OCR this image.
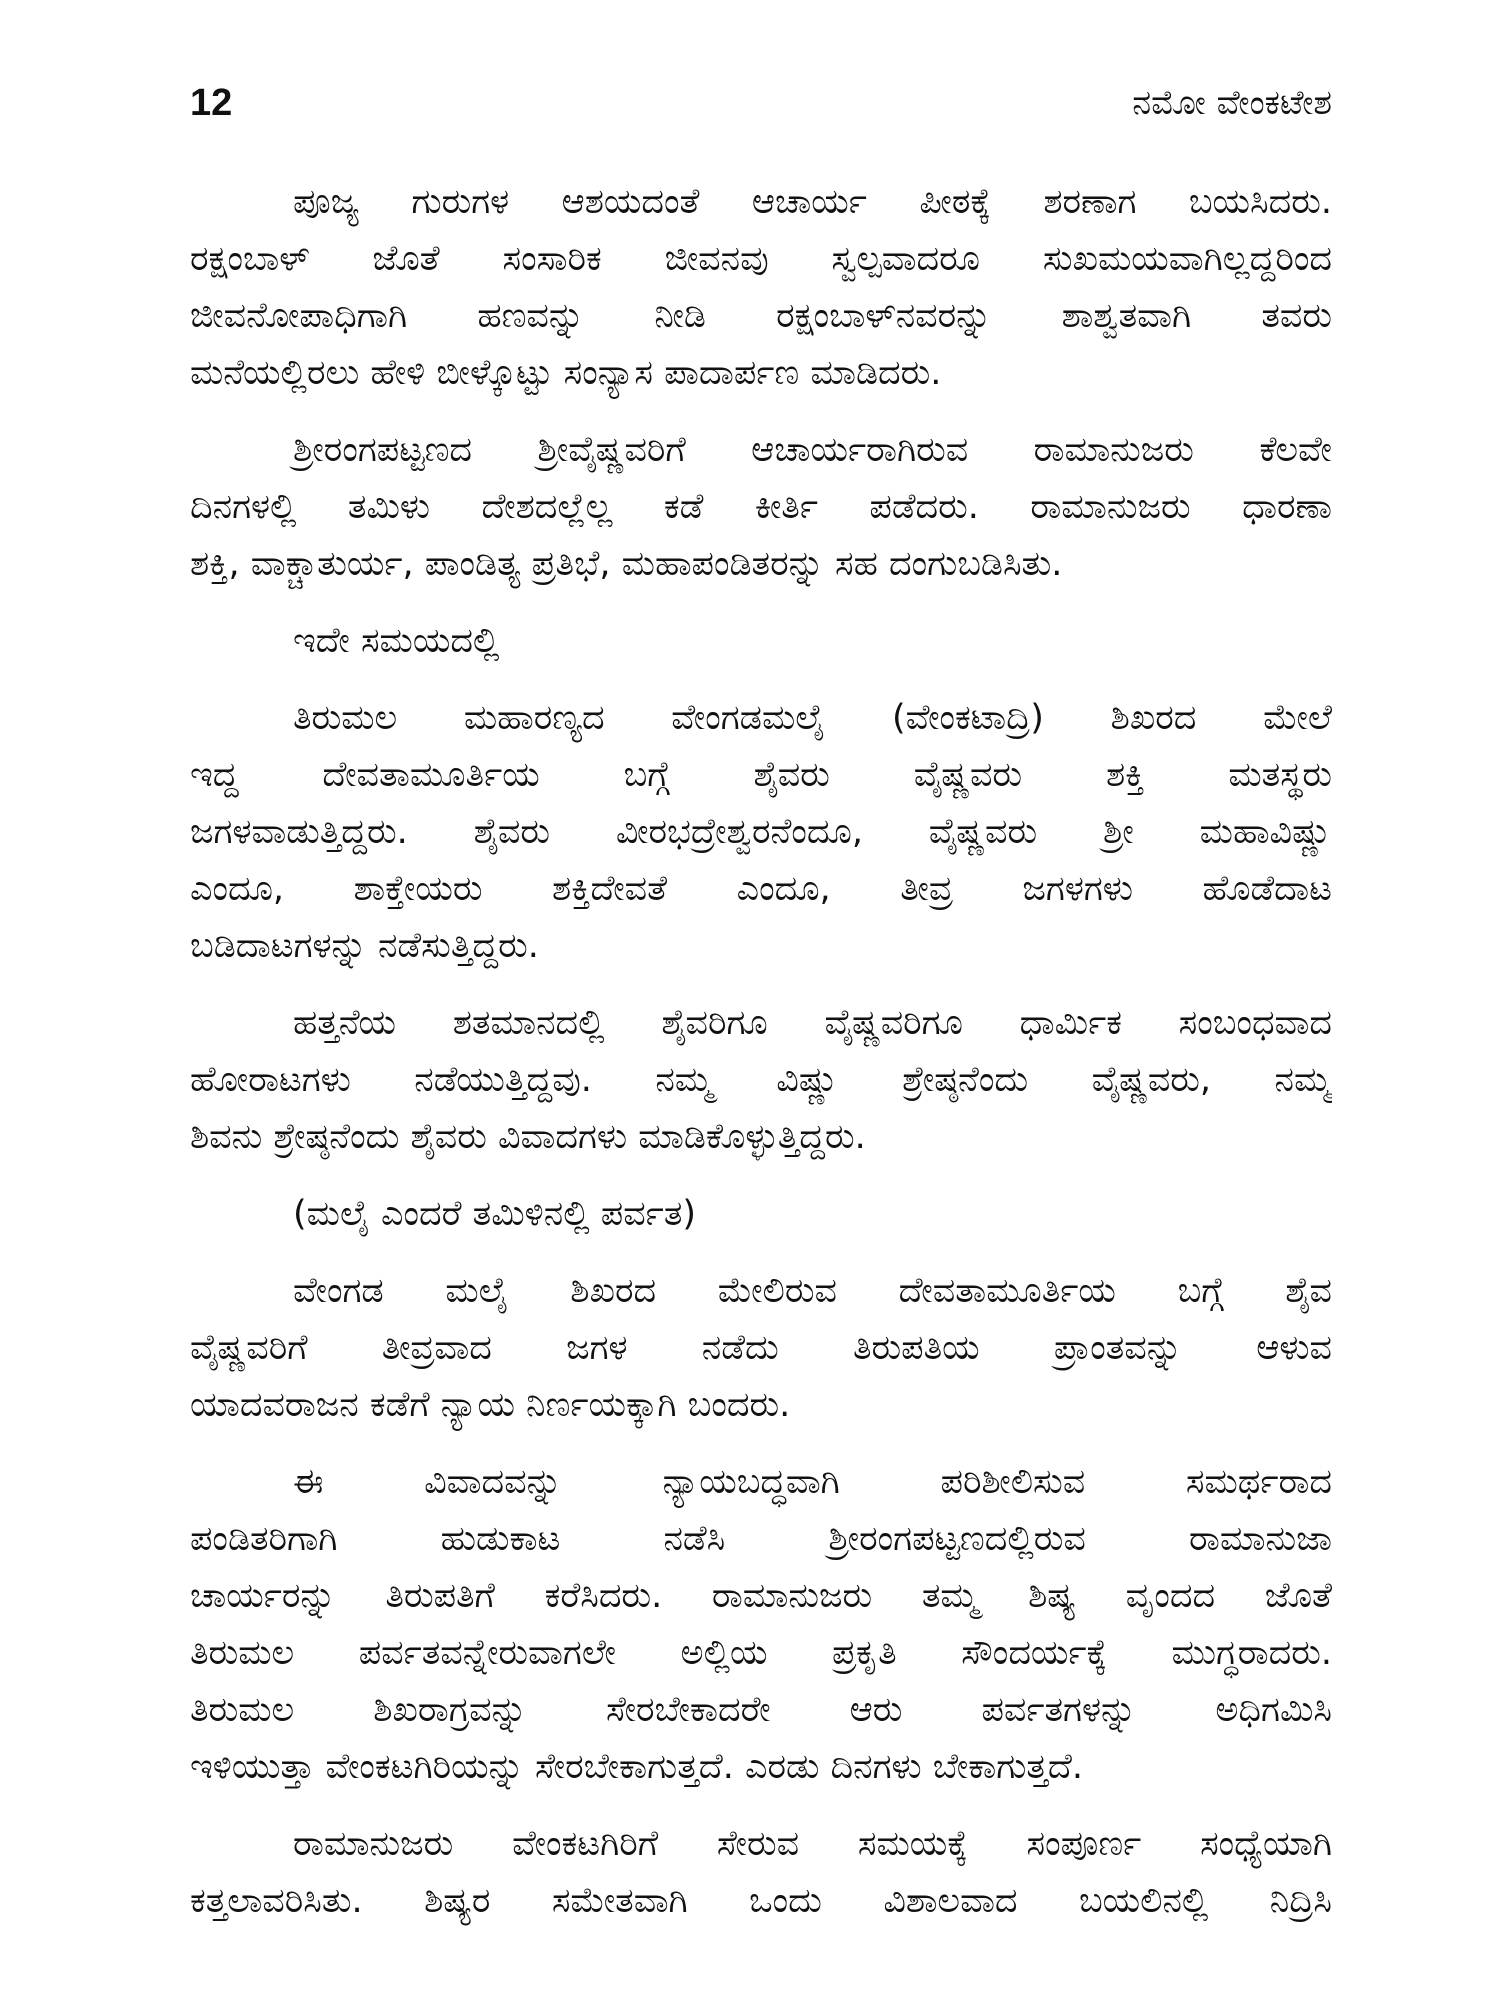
12	ನಮೋ ವೇಂಕಟೇಶ
ಪೂಜ್ಯ ಗುರುಗಳ ಆಶಯದಂತೆ ಆಚಾರ್ಯ ಪೀಠಕ್ಕೆ ಶರಣಾಗ ಬಯಸಿದರು.
ರಕ್ಷಂಬಾಳ್ ಜೊತೆ ಸಂಸಾರಿಕ ಜೀವನವು ಸ್ವಲ್ಪವಾದರೂ ಸುಖಮಯವಾಗಿಲ್ಲದ್ದರಿಂದ
ಜೀವನೋಪಾಧಿಗಾಗಿ ಹಣವನ್ನು ನೀಡಿ ರಕ್ಷಂಬಾಳ್‌ನವರನ್ನು ಶಾಶ್ವತವಾಗಿ ತವರು
ಮನೆಯಲ್ಲಿರಲು ಹೇಳಿ ಬೀಳ್ಕೊಟ್ಟು ಸಂನ್ಯಾಸ ಪಾದಾರ್ಪಣ ಮಾಡಿದರು.
ಶ್ರೀರಂಗಪಟ್ಟಣದ ಶ್ರೀವೈಷ್ಣವರಿಗೆ ಆಚಾರ್ಯರಾಗಿರುವ ರಾಮಾನುಜರು ಕೆಲವೇ
ದಿನಗಳಲ್ಲಿ ತಮಿಳು ದೇಶದಲ್ಲೆಲ್ಲ ಕಡೆ ಕೀರ್ತಿ ಪಡೆದರು. ರಾಮಾನುಜರು ಧಾರಣಾ
ಶಕ್ತಿ, ವಾಕ್ಚಾತುರ್ಯ, ಪಾಂಡಿತ್ಯ ಪ್ರತಿಭೆ, ಮಹಾಪಂಡಿತರನ್ನು ಸಹ ದಂಗುಬಡಿಸಿತು.
ಇದೇ ಸಮಯದಲ್ಲಿ
ತಿರುಮಲ ಮಹಾರಣ್ಯದ ವೇಂಗಡಮಲೈ (ವೇಂಕಟಾದ್ರಿ) ಶಿಖರದ ಮೇಲೆ
ಇದ್ದ ದೇವತಾಮೂರ್ತಿಯ ಬಗ್ಗೆ ಶೈವರು ವೈಷ್ಣವರು ಶಕ್ತಿ ಮತಸ್ಥರು
ಜಗಳವಾಡುತ್ತಿದ್ದರು. ಶೈವರು ವೀರಭದ್ರೇಶ್ವರನೆಂದೂ, ವೈಷ್ಣವರು ಶ್ರೀ ಮಹಾವಿಷ್ಣು
ಎಂದೂ, ಶಾಕ್ತೇಯರು ಶಕ್ತಿದೇವತೆ ಎಂದೂ, ತೀವ್ರ ಜಗಳಗಳು ಹೊಡೆದಾಟ
ಬಡಿದಾಟಗಳನ್ನು ನಡೆಸುತ್ತಿದ್ದರು.
ಹತ್ತನೆಯ ಶತಮಾನದಲ್ಲಿ ಶೈವರಿಗೂ ವೈಷ್ಣವರಿಗೂ ಧಾರ್ಮಿಕ ಸಂಬಂಧವಾದ
ಹೋರಾಟಗಳು ನಡೆಯುತ್ತಿದ್ದವು. ನಮ್ಮ ವಿಷ್ಣು ಶ್ರೇಷ್ಠನೆಂದು ವೈಷ್ಣವರು, ನಮ್ಮ
ಶಿವನು ಶ್ರೇಷ್ಠನೆಂದು ಶೈವರು ವಿವಾದಗಳು ಮಾಡಿಕೊಳ್ಳುತ್ತಿದ್ದರು.
(ಮಲೈ ಎಂದರೆ ತಮಿಳಿನಲ್ಲಿ ಪರ್ವತ)
ವೇಂಗಡ ಮಲೈ ಶಿಖರದ ಮೇಲಿರುವ ದೇವತಾಮೂರ್ತಿಯ ಬಗ್ಗೆ ಶೈವ
ವೈಷ್ಣವರಿಗೆ ತೀವ್ರವಾದ ಜಗಳ ನಡೆದು ತಿರುಪತಿಯ ಪ್ರಾಂತವನ್ನು ಆಳುವ
ಯಾದವರಾಜನ ಕಡೆಗೆ ನ್ಯಾಯ ನಿರ್ಣಯಕ್ಕಾಗಿ ಬಂದರು.
ಈ ವಿವಾದವನ್ನು ನ್ಯಾಯಬದ್ಧವಾಗಿ ಪರಿಶೀಲಿಸುವ ಸಮರ್ಥರಾದ
ಪಂಡಿತರಿಗಾಗಿ ಹುಡುಕಾಟ ನಡೆಸಿ ಶ್ರೀರಂಗಪಟ್ಟಣದಲ್ಲಿರುವ ರಾಮಾನುಜಾ
ಚಾರ್ಯರನ್ನು ತಿರುಪತಿಗೆ ಕರೆಸಿದರು. ರಾಮಾನುಜರು ತಮ್ಮ ಶಿಷ್ಯ ವೃಂದದ ಜೊತೆ
ತಿರುಮಲ ಪರ್ವತವನ್ನೇರುವಾಗಲೇ ಅಲ್ಲಿಯ ಪ್ರಕೃತಿ ಸೌಂದರ್ಯಕ್ಕೆ ಮುಗ್ಧರಾದರು.
ತಿರುಮಲ ಶಿಖರಾಗ್ರವನ್ನು ಸೇರಬೇಕಾದರೇ ಆರು ಪರ್ವತಗಳನ್ನು ಅಧಿಗಮಿಸಿ
ಇಳಿಯುತ್ತಾ ವೇಂಕಟಗಿರಿಯನ್ನು ಸೇರಬೇಕಾಗುತ್ತದೆ. ಎರಡು ದಿನಗಳು ಬೇಕಾಗುತ್ತದೆ.
ರಾಮಾನುಜರು ವೇಂಕಟಗಿರಿಗೆ ಸೇರುವ ಸಮಯಕ್ಕೆ ಸಂಪೂರ್ಣ ಸಂಧ್ಯೆಯಾಗಿ
ಕತ್ತಲಾವರಿಸಿತು. ಶಿಷ್ಯರ ಸಮೇತವಾಗಿ ಒಂದು ವಿಶಾಲವಾದ ಬಯಲಿನಲ್ಲಿ ನಿದ್ರಿಸಿ
